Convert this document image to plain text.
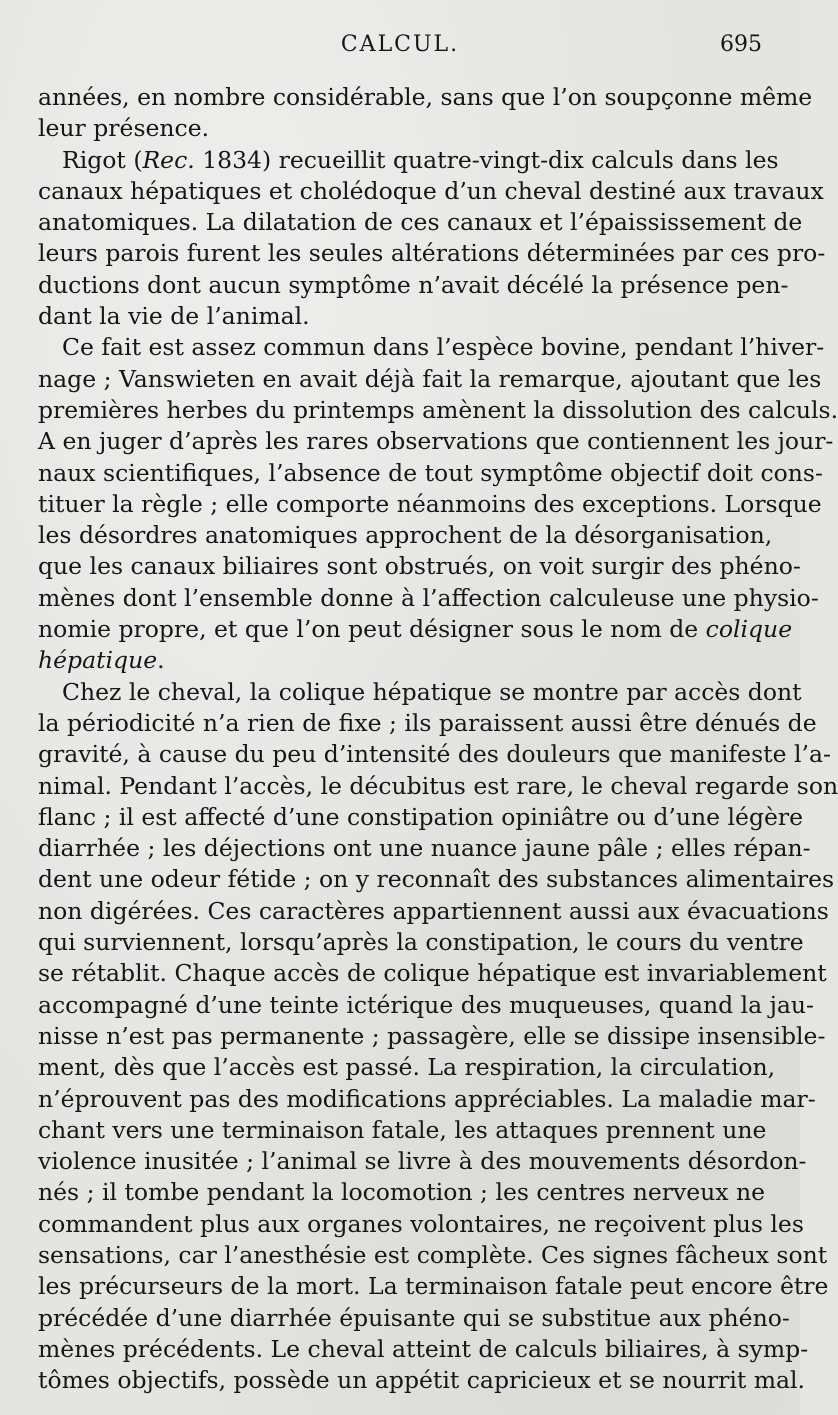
CALCUL.	695
années, en nombre considérable, sans que l’on soupçonne même
leur présence.
Rigot (Rec. 1834) recueillit quatre-vingt-dix calculs dans les
canaux hépatiques et cholédoque d’un cheval destiné aux travaux
anatomiques. La dilatation de ces canaux et l’épaississement de
leurs parois furent les seules altérations déterminées par ces pro-
ductions dont aucun symptôme n’avait décélé la présence pen-
dant la vie de l’animal.
Ce fait est assez commun dans l’espèce bovine, pendant l’hiver-
nage ; Vanswieten en avait déjà fait la remarque, ajoutant que les
premières herbes du printemps amènent la dissolution des calculs.
A en juger d’après les rares observations que contiennent les jour-
naux scientifiques, l’absence de tout symptôme objectif doit cons-
tituer la règle ; elle comporte néanmoins des exceptions. Lorsque
les désordres anatomiques approchent de la désorganisation,
que les canaux biliaires sont obstrués, on voit surgir des phéno-
mènes dont l’ensemble donne à l’affection calculeuse une physio-
nomie propre, et que l’on peut désigner sous le nom de colique
hépatique.
Chez le cheval, la colique hépatique se montre par accès dont
la périodicité n’a rien de fixe ; ils paraissent aussi être dénués de
gravité, à cause du peu d’intensité des douleurs que manifeste l’a-
nimal. Pendant l’accès, le décubitus est rare, le cheval regarde son
flanc ; il est affecté d’une constipation opiniâtre ou d’une légère
diarrhée ; les déjections ont une nuance jaune pâle ; elles répan-
dent une odeur fétide ; on y reconnaît des substances alimentaires
non digérées. Ces caractères appartiennent aussi aux évacuations
qui surviennent, lorsqu’après la constipation, le cours du ventre
se rétablit. Chaque accès de colique hépatique est invariablement
accompagné d’une teinte ictérique des muqueuses, quand la jau-
nisse n’est pas permanente ; passagère, elle se dissipe insensible-
ment, dès que l’accès est passé. La respiration, la circulation,
n’éprouvent pas des modifications appréciables. La maladie mar-
chant vers une terminaison fatale, les attaques prennent une
violence inusitée ; l’animal se livre à des mouvements désordon-
nés ; il tombe pendant la locomotion ; les centres nerveux ne
commandent plus aux organes volontaires, ne reçoivent plus les
sensations, car l’anesthésie est complète. Ces signes fâcheux sont
les précurseurs de la mort. La terminaison fatale peut encore être
précédée d’une diarrhée épuisante qui se substitue aux phéno-
mènes précédents. Le cheval atteint de calculs biliaires, à symp-
tômes objectifs, possède un appétit capricieux et se nourrit mal.
